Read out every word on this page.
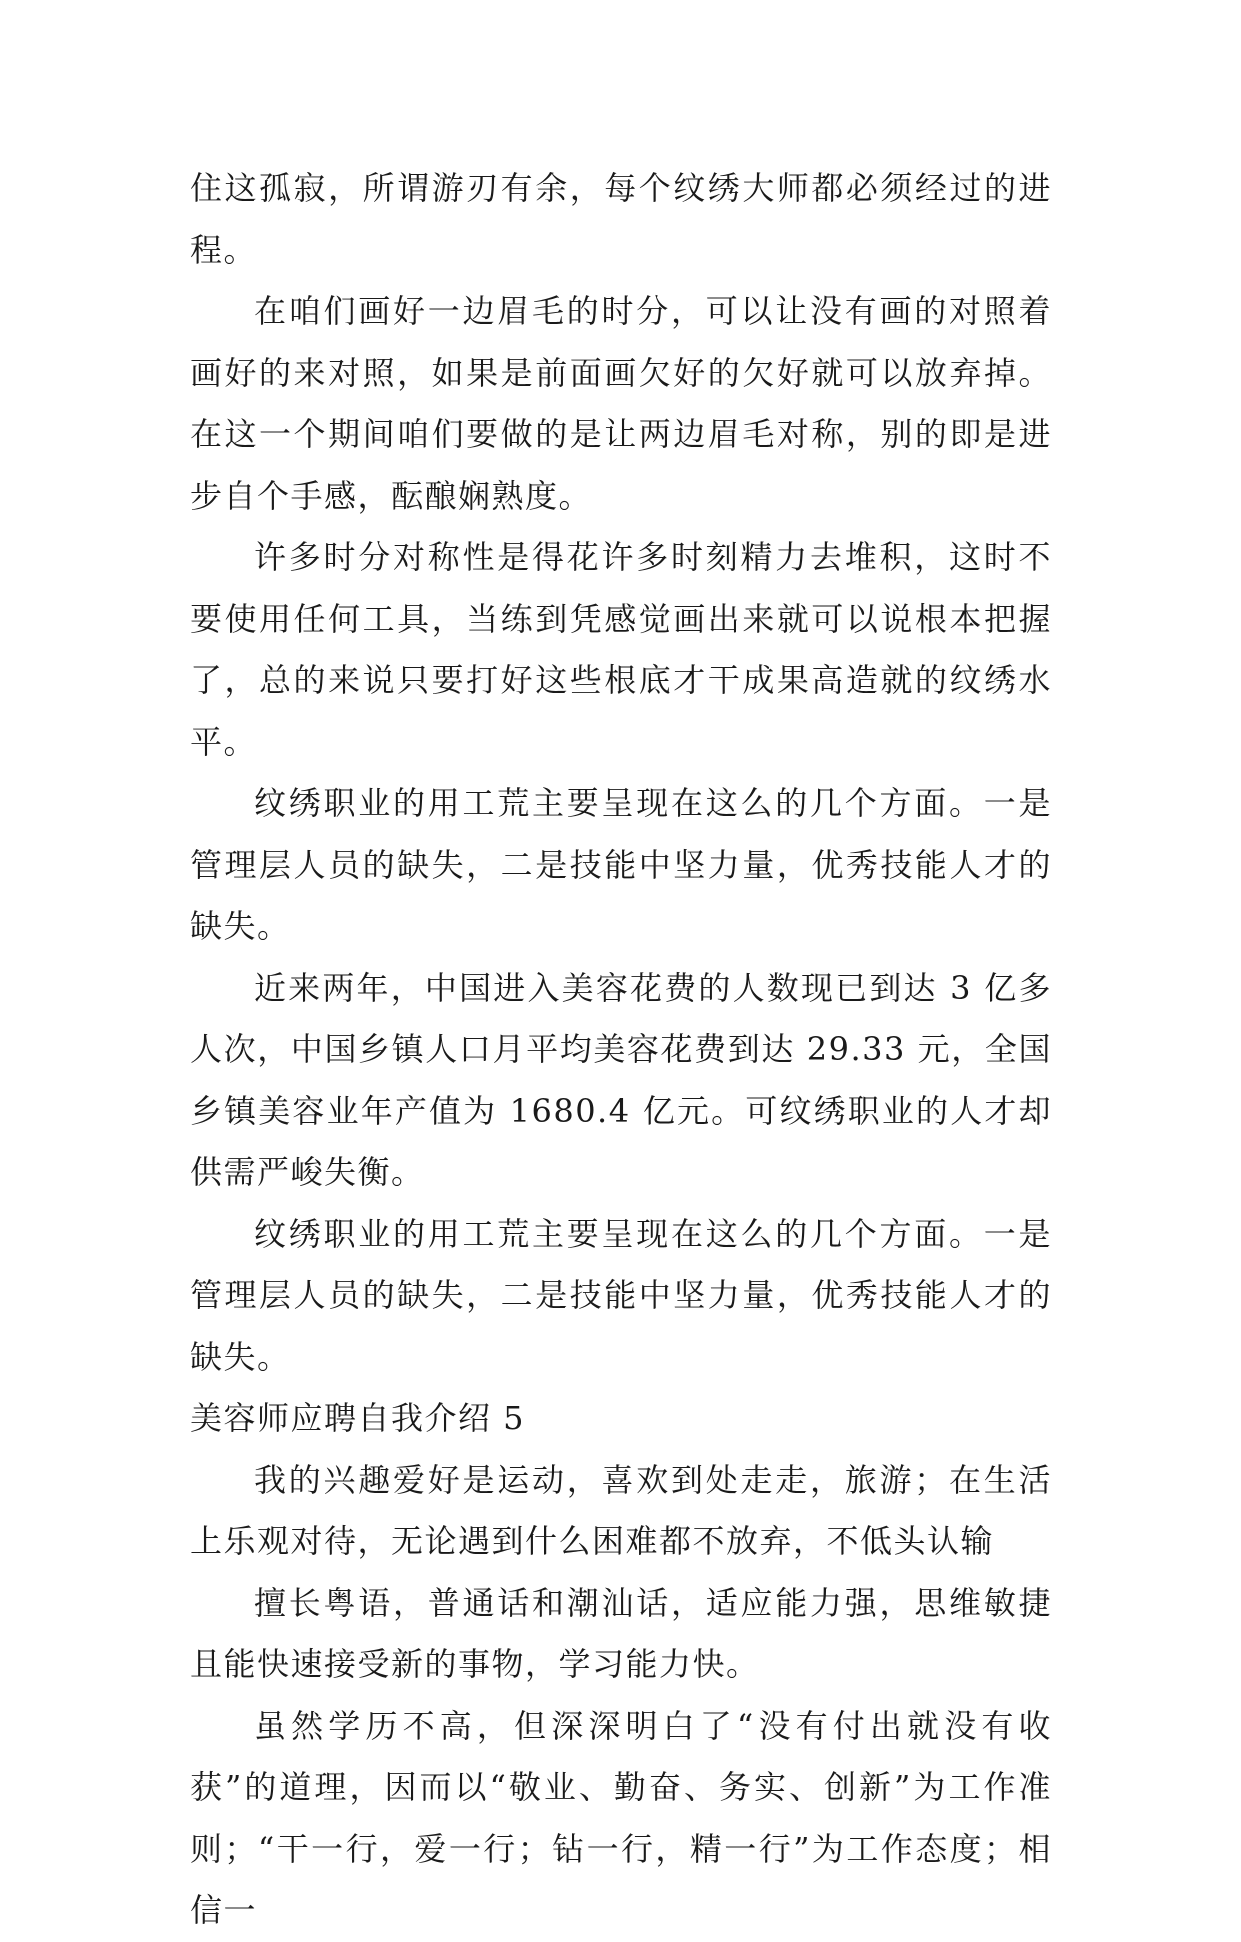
住这孤寂，所谓游刃有余，每个纹绣大师都必须经过的进程。

在咱们画好一边眉毛的时分，可以让没有画的对照着画好的来对照，如果是前面画欠好的欠好就可以放弃掉。在这一个期间咱们要做的是让两边眉毛对称，别的即是进步自个手感，酝酿娴熟度。

许多时分对称性是得花许多时刻精力去堆积，这时不要使用任何工具，当练到凭感觉画出来就可以说根本把握了，总的来说只要打好这些根底才干成果高造就的纹绣水平。

纹绣职业的用工荒主要呈现在这么的几个方面。一是管理层人员的缺失，二是技能中坚力量，优秀技能人才的缺失。

近来两年，中国进入美容花费的人数现已到达 3 亿多人次，中国乡镇人口月平均美容花费到达 29.33 元，全国乡镇美容业年产值为 1680.4 亿元。可纹绣职业的人才却供需严峻失衡。

纹绣职业的用工荒主要呈现在这么的几个方面。一是管理层人员的缺失，二是技能中坚力量，优秀技能人才的缺失。

美容师应聘自我介绍 5

我的兴趣爱好是运动，喜欢到处走走，旅游；在生活上乐观对待，无论遇到什么困难都不放弃，不低头认输

擅长粤语，普通话和潮汕话，适应能力强，思维敏捷且能快速接受新的事物，学习能力快。

虽然学历不高，但深深明白了“没有付出就没有收获”的道理，因而以“敬业、勤奋、务实、创新”为工作准则；“干一行，爱一行；钻一行，精一行”为工作态度；相信一
